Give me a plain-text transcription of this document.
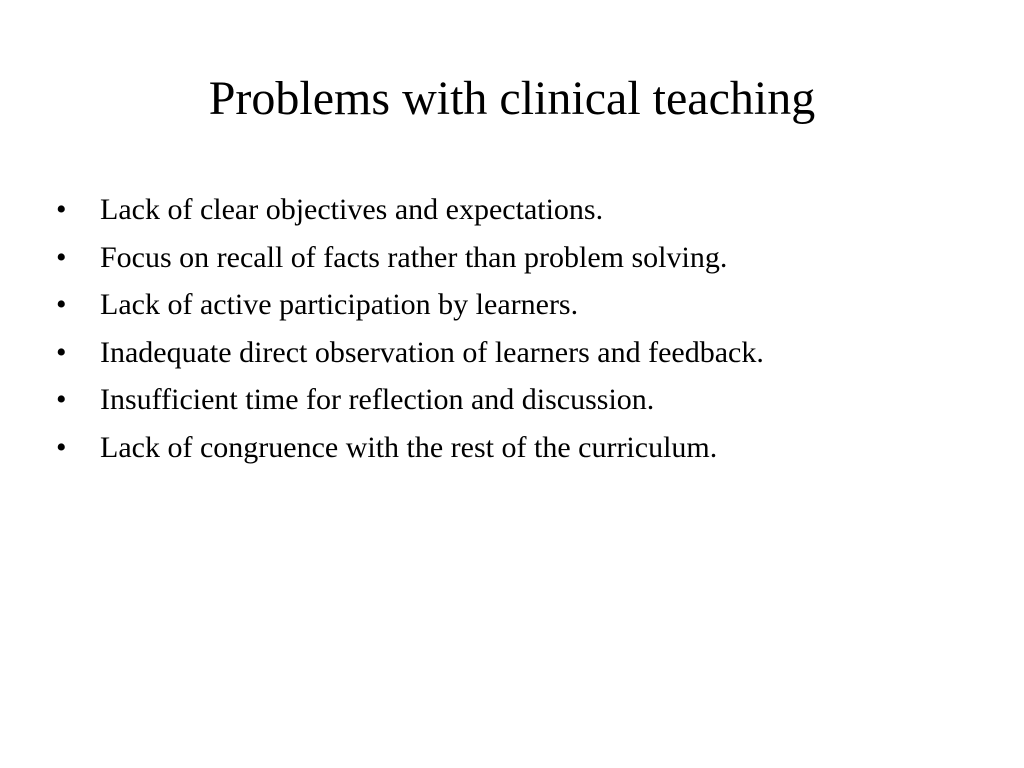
Problems with clinical teaching
•	Lack of clear objectives and expectations.
•	Focus on recall of facts rather than problem solving.
•	Lack of active participation by learners.
•	Inadequate direct observation of learners and feedback.
•	Insufficient time for reflection and discussion.
•	Lack of congruence with the rest of the curriculum.
